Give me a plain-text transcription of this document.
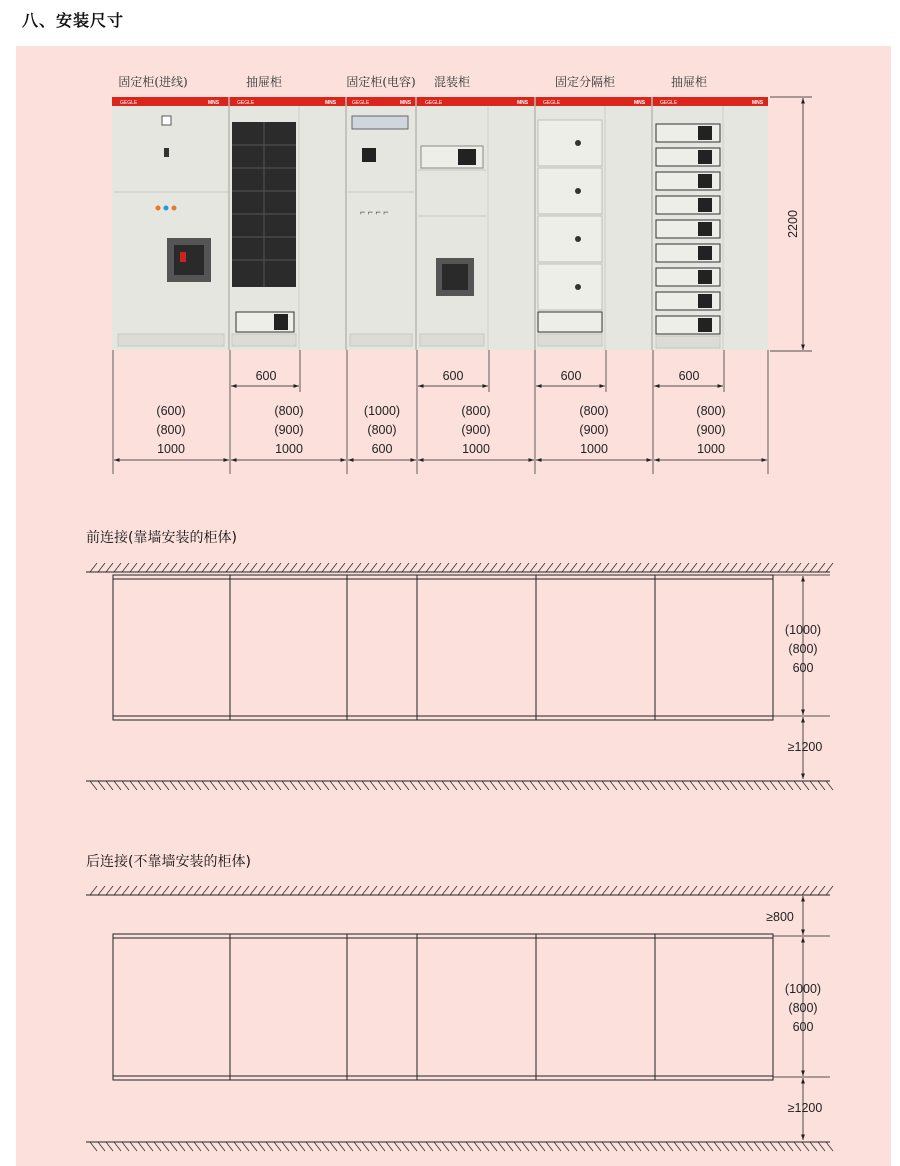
八、安装尺寸
固定柜(进线)	抽屉柜	固定柜(电容) 混装柜	固定分隔柜	抽屉柜
GEGLE	GEGLE	GEGLE	GEGLE	GEGLE	GEGLE
MNS	MNS	MNS	MNS	MNS	MNS
⌐ ⌐ ⌐ ⌐	2200
600	600	600	600
(600)
(800)
1000
(800)
(900)
1000
(1000)
(800)
600
(800)
(900)
1000
(800)
(900)
1000
(800)
(900)
1000
前连接(靠墙安装的柜体)
(1000)
(800)
600
≥1200
后连接(不靠墙安装的柜体)
≥800
(1000)
(800)
600
≥1200
